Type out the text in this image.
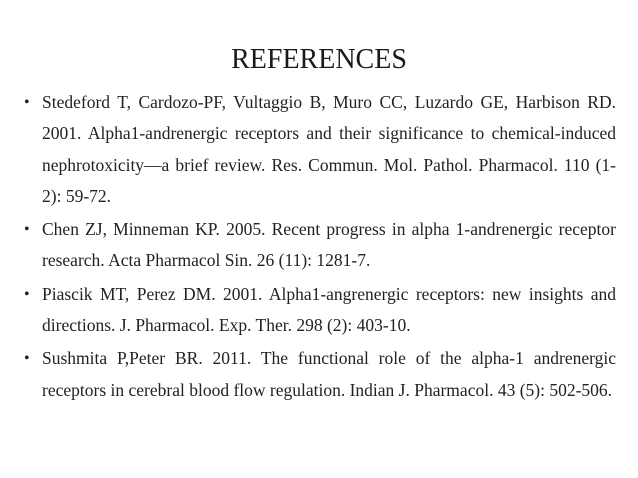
REFERENCES
• Stedeford T, Cardozo-PF, Vultaggio B, Muro CC, Luzardo GE, Harbison RD. 2001. Alpha1-andrenergic receptors and their significance to chemical-induced nephrotoxicity—a brief review. Res. Commun. Mol. Pathol. Pharmacol. 110 (1-2): 59-72.
• Chen ZJ, Minneman KP. 2005. Recent progress in alpha 1-andrenergic receptor research. Acta Pharmacol Sin. 26 (11): 1281-7.
• Piascik MT, Perez DM. 2001. Alpha1-angrenergic receptors: new insights and directions. J. Pharmacol. Exp. Ther. 298 (2): 403-10.
• Sushmita P,Peter BR. 2011. The functional role of the alpha-1 andrenergic receptors in cerebral blood flow regulation. Indian J. Pharmacol. 43 (5): 502-506.
